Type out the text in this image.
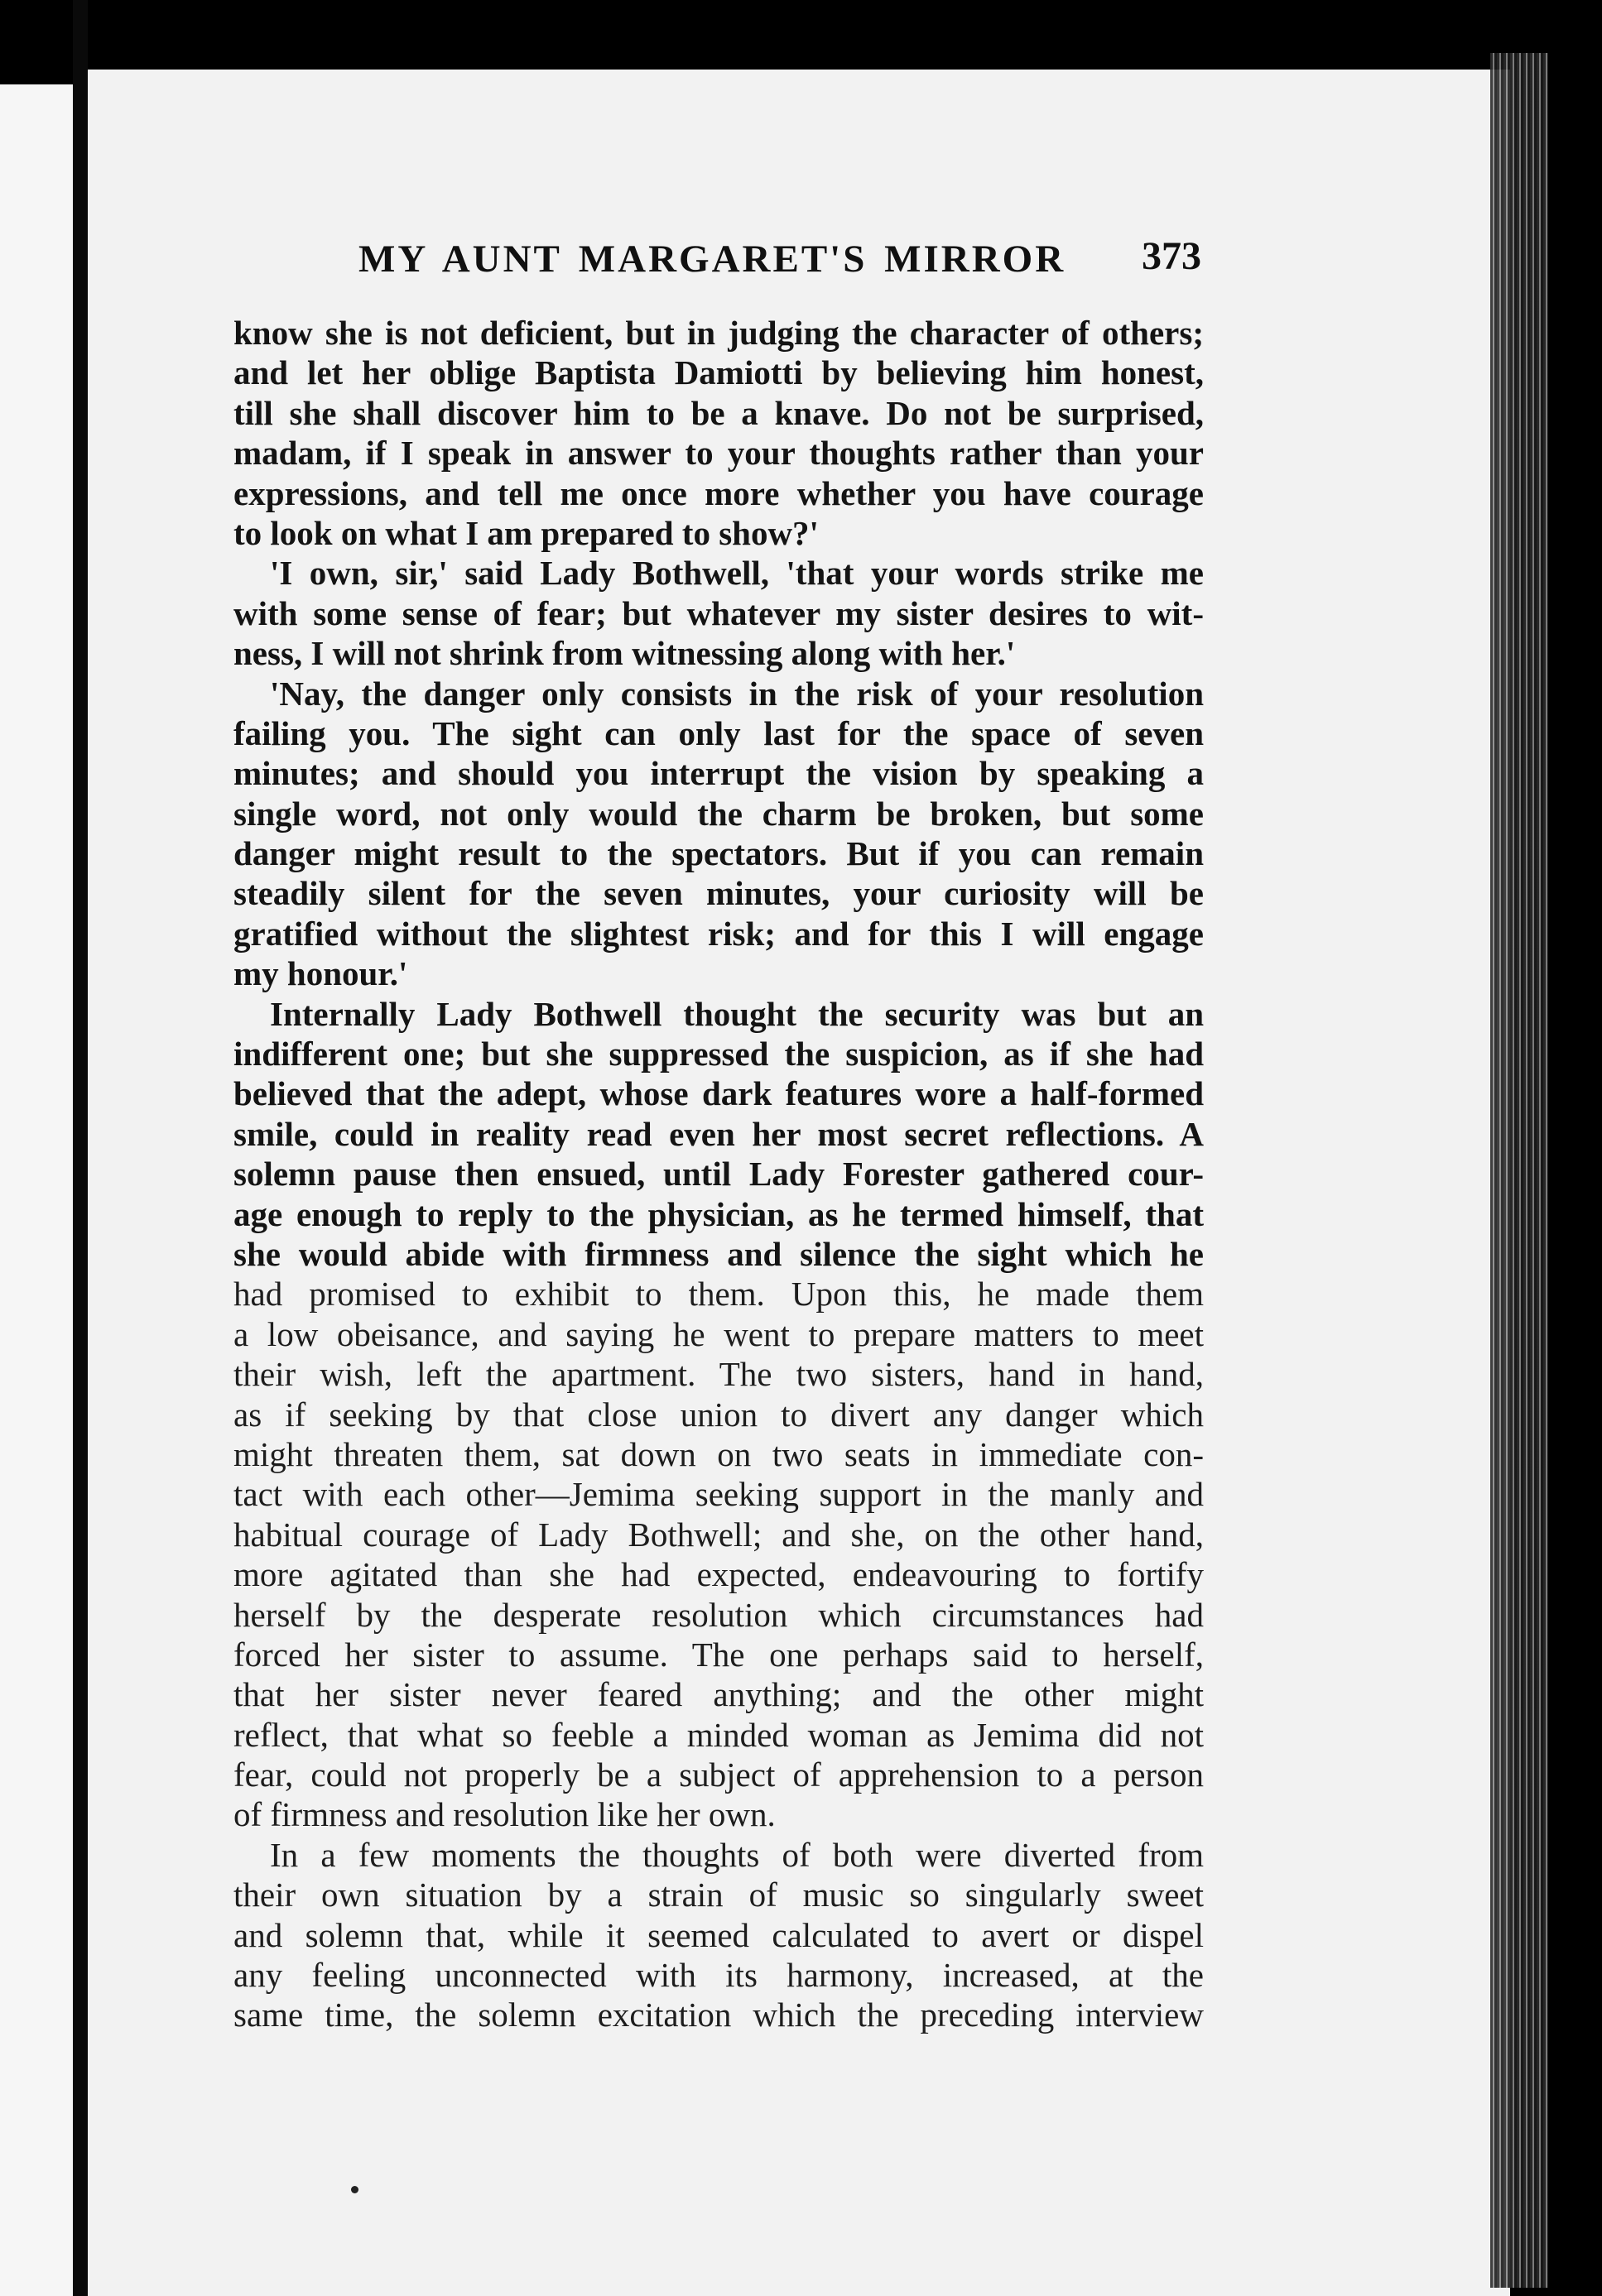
MY AUNT MARGARET'S MIRROR 373
know she is not deficient, but in judging the character of others;
and let her oblige Baptista Damiotti by believing him honest,
till she shall discover him to be a knave. Do not be surprised,
madam, if I speak in answer to your thoughts rather than your
expressions, and tell me once more whether you have courage
to look on what I am prepared to show?'
'I own, sir,' said Lady Bothwell, 'that your words strike me
with some sense of fear; but whatever my sister desires to wit-
ness, I will not shrink from witnessing along with her.'
'Nay, the danger only consists in the risk of your resolution
failing you. The sight can only last for the space of seven
minutes; and should you interrupt the vision by speaking a
single word, not only would the charm be broken, but some
danger might result to the spectators. But if you can remain
steadily silent for the seven minutes, your curiosity will be
gratified without the slightest risk; and for this I will engage
my honour.'
Internally Lady Bothwell thought the security was but an
indifferent one; but she suppressed the suspicion, as if she had
believed that the adept, whose dark features wore a half-formed
smile, could in reality read even her most secret reflections. A
solemn pause then ensued, until Lady Forester gathered cour-
age enough to reply to the physician, as he termed himself, that
she would abide with firmness and silence the sight which he
had promised to exhibit to them. Upon this, he made them
a low obeisance, and saying he went to prepare matters to meet
their wish, left the apartment. The two sisters, hand in hand,
as if seeking by that close union to divert any danger which
might threaten them, sat down on two seats in immediate con-
tact with each other—Jemima seeking support in the manly and
habitual courage of Lady Bothwell; and she, on the other hand,
more agitated than she had expected, endeavouring to fortify
herself by the desperate resolution which circumstances had
forced her sister to assume. The one perhaps said to herself,
that her sister never feared anything; and the other might
reflect, that what so feeble a minded woman as Jemima did not
fear, could not properly be a subject of apprehension to a person
of firmness and resolution like her own.
In a few moments the thoughts of both were diverted from
their own situation by a strain of music so singularly sweet
and solemn that, while it seemed calculated to avert or dispel
any feeling unconnected with its harmony, increased, at the
same time, the solemn excitation which the preceding interview
